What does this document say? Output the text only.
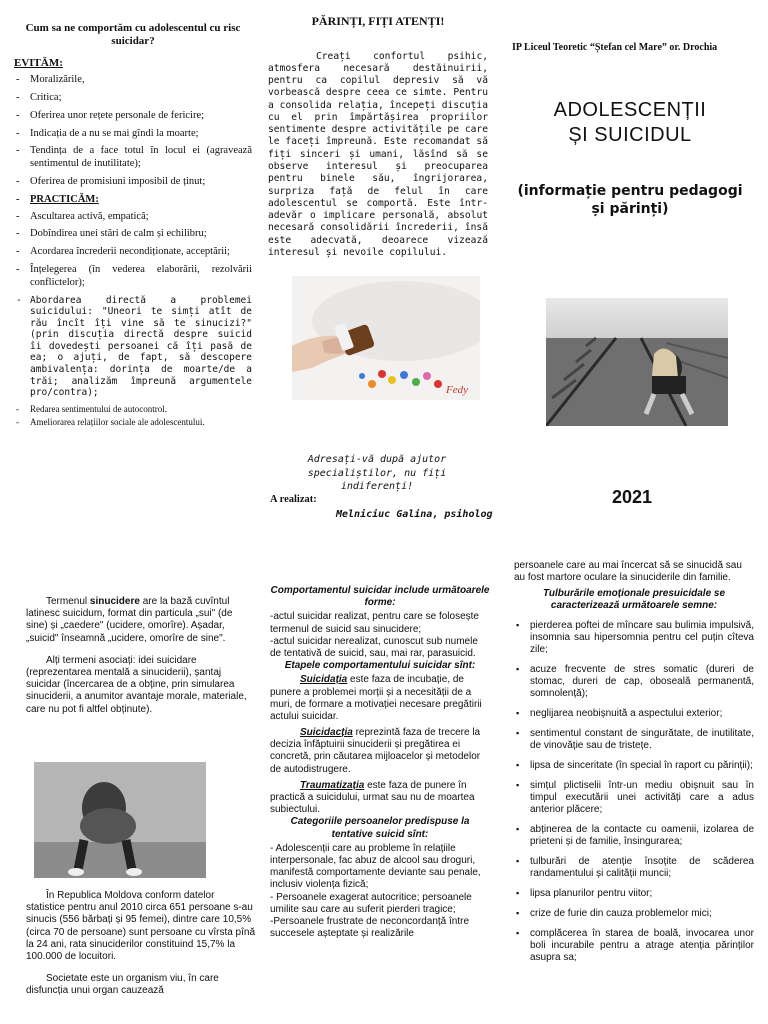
Cum sa ne comportăm cu adolescentul cu risc suicidar?
EVITĂM:
- Moralizările,
- Critica;
- Oferirea unor rețete personale de fericire;
- Indicația de a nu se mai gîndi la moarte;
- Tendința de a face totul în locul ei (agravează sentimentul de inutilitate);
- Oferirea de promisiuni imposibil de ținut;
- PRACTICĂM:
- Ascultarea activă, empatică;
- Dobîndirea unei stări de calm și echilibru;
- Acordarea încrederii necondiționate, acceptării;
- Înțelegerea (în vederea elaborării, rezolvării conflictelor);
- Abordarea directă a problemei suicidului: "Uneori te simți atît de rău încît îți vine să te sinucizi?" (prin discuția directă despre suicid îi dovedești persoanei că îți pasă de ea; o ajuți, de fapt, să descopere ambivalența: dorința de moarte/de a trăi; analizăm împreună argumentele pro/contra);
- Redarea sentimentului de autocontrol.
- Ameliorarea relațiilor sociale ale adolescentului.
PĂRINȚI, FIȚI ATENȚI!

Creați confortul psihic, atmosfera necesară destăinuirii, pentru ca copilul depresiv să vă vorbească despre ceea ce simte. Pentru a consolida relația, începeți discuția cu el prin împărtășirea propriilor sentimente despre activitățile pe care le faceți împreună. Este recomandat să fiți sinceri și umani, lăsînd să se observe interesul și preocuparea pentru binele său, îngrijorarea, surpriza față de felul în care adolescentul se comportă. Este într-adevăr o implicare personală, absolut necesară consolidării încrederii, însă este adecvată, deoarece vizează interesul și nevoile copilului.

Fedy
Adresați-vă după ajutor specialiștilor, nu fiți indiferenți!
A realizat:
Melniciuc Galina, psiholog
IP Liceul Teoretic “Ștefan cel Mare” or. Drochia
ADOLESCENȚII
ȘI SUICIDUL
(informație pentru pedagogi
și părinți)
2021

Termenul sinucidere are la bază cuvîntul latinesc suicidum, format din particula „sui" (de sine) și „caedere" (ucidere, omorîre). Așadar, „suicid" înseamnă „ucidere, omorîre de sine".

Alți termeni asociați: idei suicidare (reprezentarea mentală a sinuciderii), șantaj suicidar (încercarea de a obține, prin simularea sinuciderii, a anumitor avantaje morale, materiale, care nu pot fi altfel obținute).

În Republica Moldova conform datelor statistice pentru anul 2010 circa 651 persoane s-au sinucis (556 bărbați și 95 femei), dintre care 10,5% (circa 70 de persoane) sunt persoane cu vîrsta pînă la 24 ani, rata sinuciderilor constituind 15,7% la 100.000 de locuitori.

Societate este un organism viu, în care disfuncția unui organ cauzează

Comportamentul suicidar include următoarele forme:

-actul suicidar realizat, pentru care se folosește termenul de suicid sau sinucidere;

-actul suicidar nerealizat, cunoscut sub numele de tentativă de suicid, sau, mai rar, parasuicid.

Etapele comportamentului suicidar sînt:

Suicidația este faza de incubație, de punere a problemei morții și a necesității de a muri, de formare a motivației necesare pregătirii actului suicidar.

Suicidacția reprezintă faza de trecere la decizia înfăptuirii sinuciderii și pregătirea ei concretă, prin căutarea mijloacelor și metodelor de autodistrugere.

Traumatizația este faza de punere în practică a suicidului, urmat sau nu de moartea subiectului.

Categoriile persoanelor predispuse la tentative suicid sînt:

- Adolescenții care au probleme în relațiile interpersonale, fac abuz de alcool sau droguri, manifestă comportamente deviante sau penale, inclusiv violența fizică;

- Persoanele exagerat autocritice; persoanele umilite sau care au suferit pierderi tragice;

-Persoanele frustrate de neconcordanță între succesele așteptate și realizările

persoanele care au mai încercat să se sinucidă sau au fost martore oculare la sinuciderile din familie.

Tulburările emoționale presuicidale se caracterizează următoarele semne:
▪ pierderea poftei de mîncare sau bulimia impulsivă, insomnia sau hipersomnia pentru cel puțin cîteva zile;
▪ acuze frecvente de stres somatic (dureri de stomac, dureri de cap, oboseală permanentă, somnolență);
▪ neglijarea neobișnuită a aspectului exterior;
▪ sentimentul constant de singurătate, de inutilitate, de vinovăție sau de tristețe.
▪ lipsa de sinceritate (în special în raport cu părinții);
▪ simțul plictiselii într-un mediu obișnuit sau în timpul executării unei activități care a adus anterior plăcere;
▪ abținerea de la contacte cu oamenii, izolarea de prieteni și de familie, însingurarea;
▪ tulburări de atenție însoțite de scăderea randamentului și calității muncii;
▪ lipsa planurilor pentru viitor;
▪ crize de furie din cauza problemelor mici;
▪ complăcerea în starea de boală, invocarea unor boli incurabile pentru a atrage atenția părinților asupra sa;
